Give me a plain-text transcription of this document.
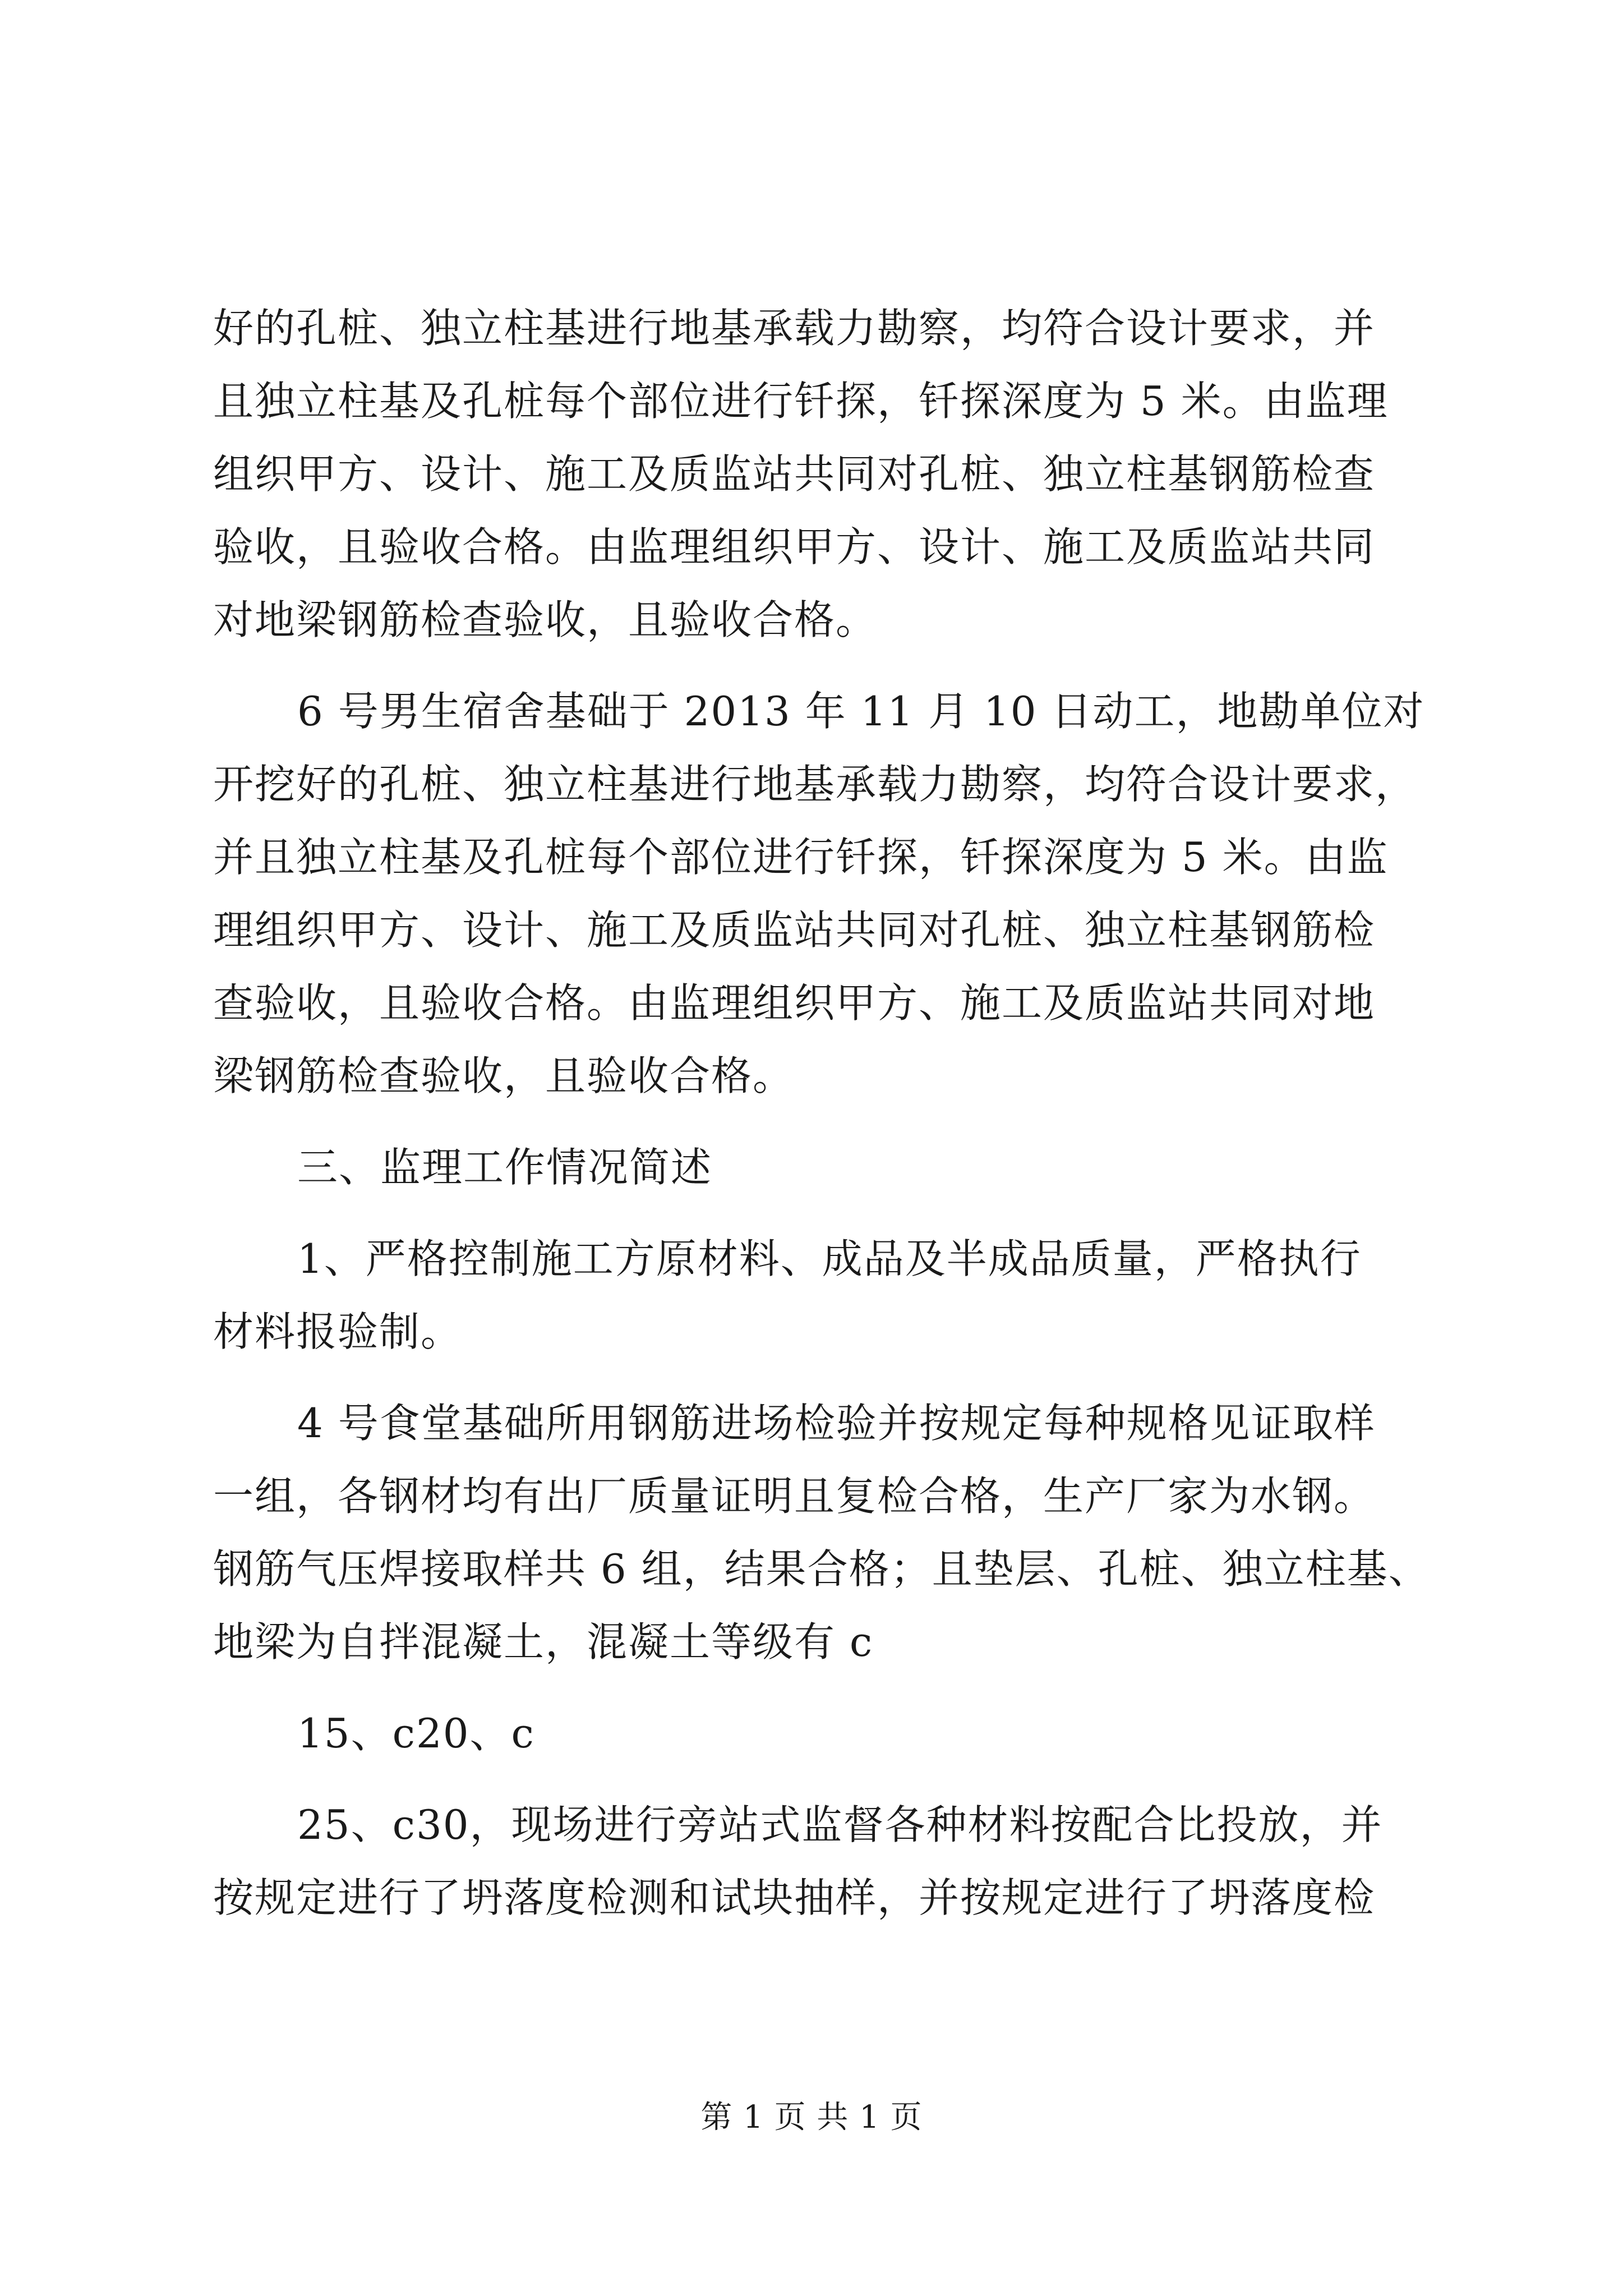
好的孔桩、独立柱基进行地基承载力勘察，均符合设计要求，并
且独立柱基及孔桩每个部位进行钎探，钎探深度为 5 米。由监理
组织甲方、设计、施工及质监站共同对孔桩、独立柱基钢筋检查
验收，且验收合格。由监理组织甲方、设计、施工及质监站共同
对地梁钢筋检查验收，且验收合格。
6 号男生宿舍基础于 2013 年 11 月 10 日动工，地勘单位对
开挖好的孔桩、独立柱基进行地基承载力勘察，均符合设计要求，
并且独立柱基及孔桩每个部位进行钎探，钎探深度为 5 米。由监
理组织甲方、设计、施工及质监站共同对孔桩、独立柱基钢筋检
查验收，且验收合格。由监理组织甲方、施工及质监站共同对地
梁钢筋检查验收，且验收合格。
三、监理工作情况简述
1、严格控制施工方原材料、成品及半成品质量，严格执行
材料报验制。
4 号食堂基础所用钢筋进场检验并按规定每种规格见证取样
一组，各钢材均有出厂质量证明且复检合格，生产厂家为水钢。
钢筋气压焊接取样共 6 组，结果合格；且垫层、孔桩、独立柱基、
地梁为自拌混凝土，混凝土等级有 c
15、c20、c
25、c30，现场进行旁站式监督各种材料按配合比投放，并
按规定进行了坍落度检测和试块抽样，并按规定进行了坍落度检
第 1 页 共 1 页
